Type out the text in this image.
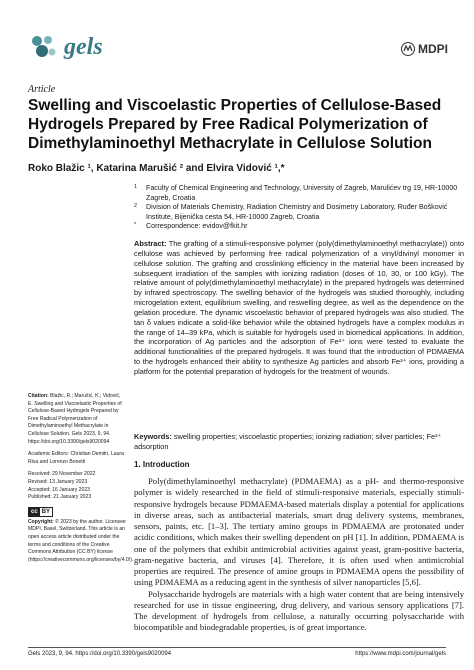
gels	MDPI
Article
Swelling and Viscoelastic Properties of Cellulose-Based Hydrogels Prepared by Free Radical Polymerization of Dimethylaminoethyl Methacrylate in Cellulose Solution
Roko Blažic ¹, Katarina Marušić ² and Elvira Vidović ¹,*
1 Faculty of Chemical Engineering and Technology, University of Zagreb, Marulićev trg 19, HR-10000 Zagreb, Croatia
2 Division of Materials Chemistry, Radiation Chemistry and Dosimetry Laboratory, Ruđer Bošković Institute, Bijenička cesta 54, HR-10000 Zagreb, Croatia
* Correspondence: evidov@fkit.hr
Abstract: The grafting of a stimuli-responsive polymer (poly(dimethylaminoethyl methacrylate)) onto cellulose was achieved by performing free radical polymerization of a vinyl/divinyl monomer in cellulose solution. The grafting and crosslinking efficiency in the material have been increased by subsequent irradiation of the samples with ionizing radiation (doses of 10, 30, or 100 kGy). The relative amount of poly(dimethylaminoethyl methacrylate) in the prepared hydrogels was determined by infrared spectroscopy. The swelling behavior of the hydrogels was studied thoroughly, including microgelation extent, equilibrium swelling, and reswelling degree, as well as the dependence on the gelation procedure. The dynamic viscoelastic behavior of prepared hydrogels was also studied. The tan δ values indicate a solid-like behavior while the obtained hydrogels have a complex modulus in the range of 14–39 kPa, which is suitable for hydrogels used in biomedical applications. In addition, the incorporation of Ag particles and the adsorption of Fe³⁺ ions were tested to evaluate the additional functionalities of the prepared hydrogels. It was found that the introduction of PDMAEMA to the hydrogels enhanced their ability to synthesize Ag particles and absorb Fe³⁺ ions, providing a platform for the potential preparation of hydrogels for the treatment of wounds.
Keywords: swelling properties; viscoelastic properties; ionizing radiation; silver particles; Fe³⁺ adsorption

Citation: Blažic, R.; Marušić, K.; Vidović, E. Swelling and Viscoelastic Properties of Cellulose-Based Hydrogels Prepared by Free Radical Polymerization of Dimethylaminoethyl Methacrylate in Cellulose Solution. Gels 2023, 9, 94. https://doi.org/10.3390/gels9020094

Academic Editors: Christian Demitri, Laura Riva and Lorenzo Bonetti

Received: 29 November 2022
Revised: 13 January 2023
Accepted: 16 January 2023
Published: 21 January 2023

cc BY

Copyright: © 2023 by the author. Licensee MDPI, Basel, Switzerland. This article is an open access article distributed under the terms and conditions of the Creative Commons Attribution (CC BY) license (https://creativecommons.org/licenses/by/4.0/).

1. Introduction

Poly(dimethylaminoethyl methacrylate) (PDMAEMA) as a pH- and thermo-responsive polymer is widely researched in the field of stimuli-responsive materials, especially stimuli-responsive hydrogels because PDMAEMA-based materials display a potential for applications in diverse areas, such as antibacterial materials, smart drug delivery systems, membranes, sensors, paints, etc. [1–3]. The tertiary amino groups in PDMAEMA are protonated under acidic conditions, which makes their swelling dependent on pH [1]. In addition, PDMAEMA is one of the polymers that exhibit antimicrobial activities against yeast, gram-positive bacteria, gram-negative bacteria, and viruses [4]. Therefore, it is often used when antimicrobial properties are required. The presence of amine groups in PDMAEMA opens the possibility of using PDMAEMA as a reducing agent in the synthesis of silver nanoparticles [5,6].

Polysaccharide hydrogels are materials with a high water content that are being intensively researched for use in tissue engineering, drug delivery, and various sensory applications [7]. The development of hydrogels from cellulose, a naturally occurring polysaccharide with biocompatible and biodegradable properties, is of great importance.

Gels 2023, 9, 94. https://doi.org/10.3390/gels9020094	https://www.mdpi.com/journal/gels
